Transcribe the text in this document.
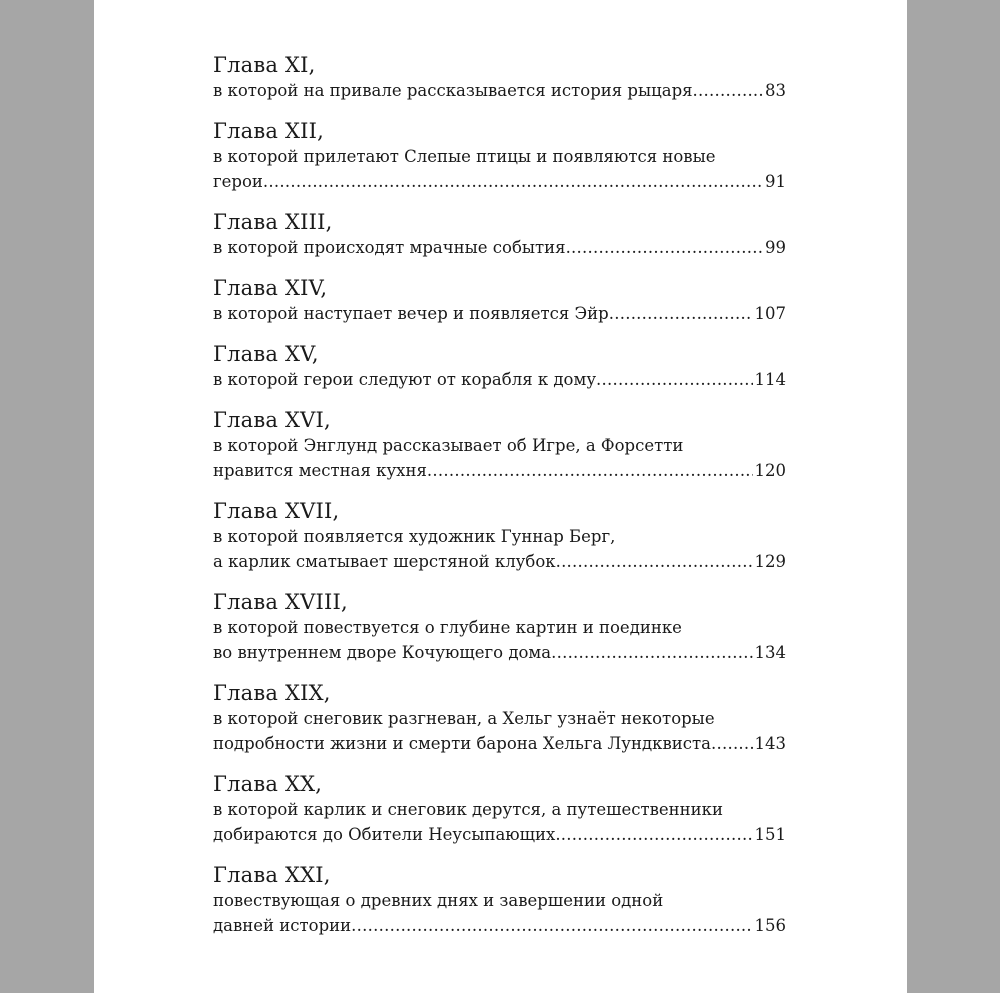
Глава XI,
в которой на привале рассказывается история рыцаря . . .	83
Глава XII,
в которой прилетают Слепые птицы и появляются новые
герои . . .	91
Глава XIII,
в которой происходят мрачные события . . .	99
Глава XIV,
в которой наступает вечер и появляется Эйр . . .	107
Глава XV,
в которой герои следуют от корабля к дому . . .	114
Глава XVI,
в которой Энглунд рассказывает об Игре, а Форсетти
нравится местная кухня . . .	120
Глава XVII,
в которой появляется художник Гуннар Берг,
а карлик сматывает шерстяной клубок . . .	129
Глава XVIII,
в которой повествуется о глубине картин и поединке
во внутреннем дворе Кочующего дома . . .	134
Глава XIX,
в которой снеговик разгневан, а Хельг узнаёт некоторые
подробности жизни и смерти барона Хельга Лундквиста . . .	143
Глава XX,
в которой карлик и снеговик дерутся, а путешественники
добираются до Обители Неусыпающих . . .	151
Глава XXI,
повествующая о древних днях и завершении одной
давней истории . . .	156
